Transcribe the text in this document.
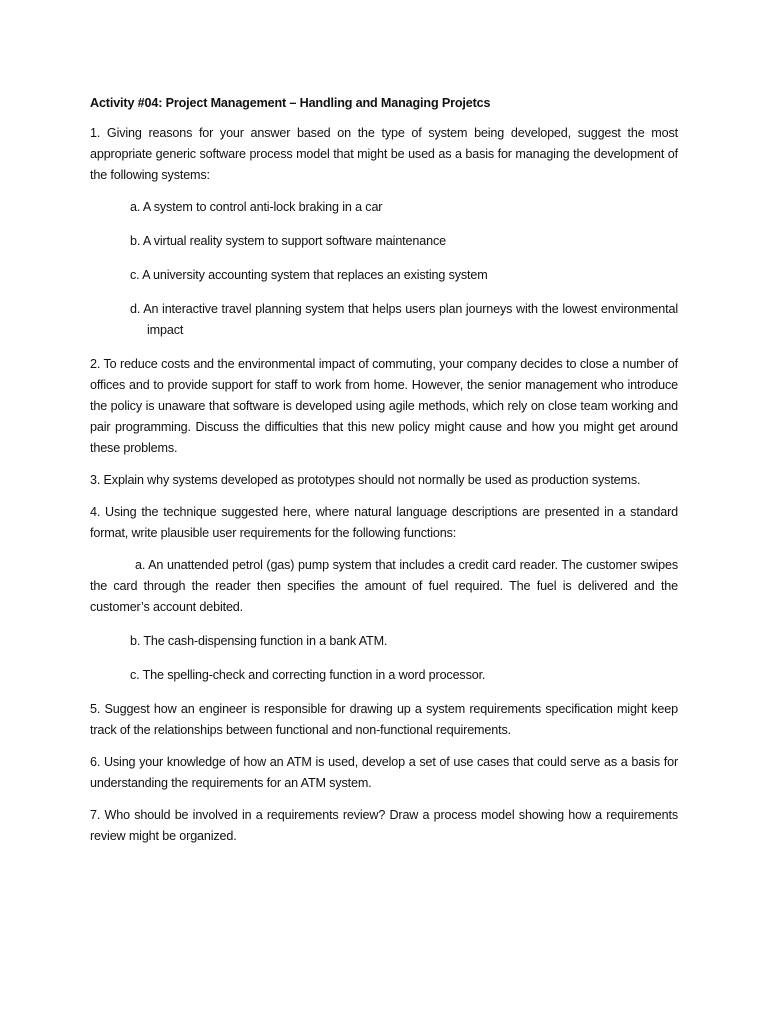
Activity #04: Project Management – Handling and Managing Projetcs

1. Giving reasons for your answer based on the type of system being developed, suggest the most appropriate generic software process model that might be used as a basis for managing the development of the following systems:

a. A system to control anti-lock braking in a car

b. A virtual reality system to support software maintenance

c. A university accounting system that replaces an existing system

d. An interactive travel planning system that helps users plan journeys with the lowest environmental impact

2. To reduce costs and the environmental impact of commuting, your company decides to close a number of offices and to provide support for staff to work from home. However, the senior management who introduce the policy is unaware that software is developed using agile methods, which rely on close team working and pair programming. Discuss the difficulties that this new policy might cause and how you might get around these problems.

3. Explain why systems developed as prototypes should not normally be used as production systems.

4. Using the technique suggested here, where natural language descriptions are presented in a standard format, write plausible user requirements for the following functions:

a. An unattended petrol (gas) pump system that includes a credit card reader. The customer swipes the card through the reader then specifies the amount of fuel required. The fuel is delivered and the customer’s account debited.

b. The cash-dispensing function in a bank ATM.

c. The spelling-check and correcting function in a word processor.

5. Suggest how an engineer is responsible for drawing up a system requirements specification might keep track of the relationships between functional and non-functional requirements.

6. Using your knowledge of how an ATM is used, develop a set of use cases that could serve as a basis for understanding the requirements for an ATM system.

7. Who should be involved in a requirements review? Draw a process model showing how a requirements review might be organized.
